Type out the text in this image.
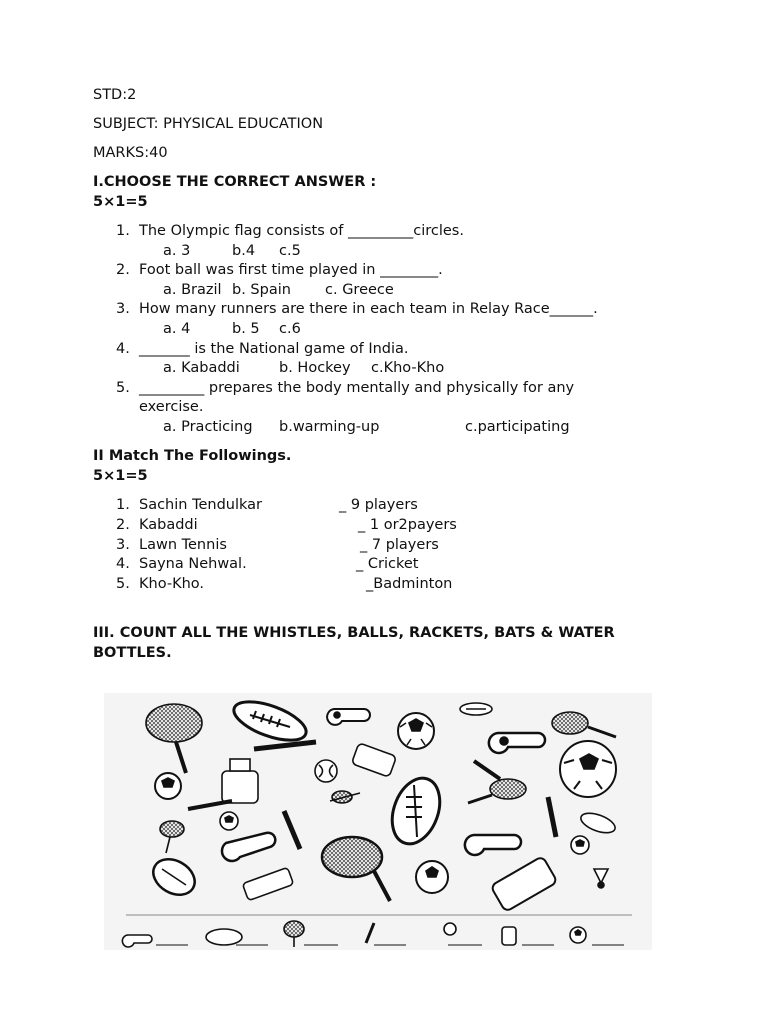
STD:2
SUBJECT: PHYSICAL EDUCATION
MARKS:40
I.CHOOSE THE CORRECT ANSWER :
5×1=5
1. The Olympic flag consists of _________circles.
a. 3	b.4 c.5
2. Foot ball was first time played in ________.
a. Brazil b. Spain c. Greece
3. How many runners are there in each team in Relay Race______.
a. 4	b. 5 c.6
4. _______ is the National game of India.
a. Kabaddi	b. Hockey c.Kho-Kho
5. _________ prepares the body mentally and physically for any
exercise.
a. Practicing b.warming-up	c.participating
II Match The Followings.
5×1=5
1. Sachin Tendulkar	_ 9 players
2. Kabaddi	_ 1 or2payers
3. Lawn Tennis	_ 7 players
4. Sayna Nehwal.	_ Cricket
5. Kho-Kho.	_Badminton
III. COUNT ALL THE WHISTLES, BALLS, RACKETS, BATS & WATER
BOTTLES.
